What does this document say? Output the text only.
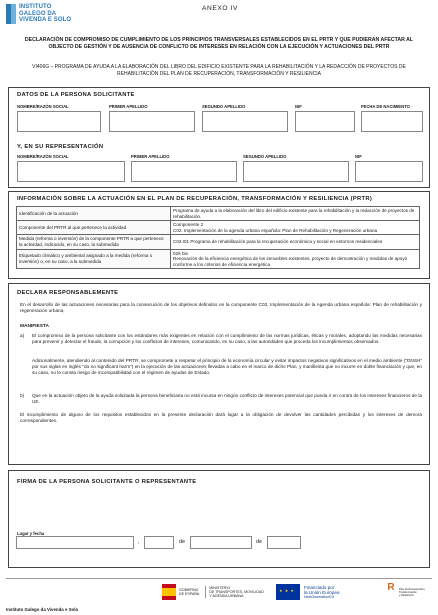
INSTITUTO
GALEGO DA
VIVENDA E SOLO
ANEXO IV
DECLARACIÓN DE COMPROMISO DE CUMPLIMIENTO DE LOS PRINCIPIOS TRANSVERSALES ESTABLECIDOS EN EL PRTR Y QUE PUDIERAN AFECTAR AL OBJECTO DE GESTIÓN Y DE AUSENCIA DE CONFLICTO DE INTERESES EN RELACIÓN CON LA EJECUCIÓN Y ACTUACIONES DEL PRTR
VI406G – PROGRAMA DE AYUDA A LA ELABORACIÓN DEL LIBRO DEL EDIFICIO EXISTENTE PARA LA REHABILITACIÓN Y LA REDACCIÓN DE PROYECTOS DE REHABILITACIÓN DEL PLAN DE RECUPERACIÓN, TRANSFORMACIÓN Y RESILIENCIA
DATOS DE LA PERSONA SOLICITANTE
NOMBRE/RAZÓN SOCIAL	PRIMER APELLIDO	SEGUNDO APELLIDO	NIF	FECHA DE NACIMIENTO
Y, EN SU REPRESENTACIÓN
NOMBRE/RAZÓN SOCIAL	PRIMER APELLIDO	SEGUNDO APELLIDO	NIF
INFORMACIÓN SOBRE LA ACTUACIÓN EN EL PLAN DE RECUPERACIÓN, TRANSFORMACIÓN Y RESILIENCIA (PRTR)
Identificación de la actuación	Programa de ayuda a la elaboración del libro del edificio existente para la rehabilitación y la redacción de proyectos de rehabilitación.
Componente del PRTR al que pertenece la actividad	Componente 2
C02. Implementación de la agenda urbana española: Plan de Rehabilitación y Regeneración urbana
Medida (reforma o inversión) de la componente PRTR a que pertenece la actividad, indicando, en su caso, la submedida	C02.I01 Programa de rehabilitación para la recuperación económica y social en entornos residenciales
Etiquetado climático y ambiental asignado a la medida (reforma o inversión) o, en su caso, a la submedida	025 bis
Renovación de la eficiencia energética de los inmuebles existentes, proyecto de demostración y medidas de apoyo conforme a los criterios de eficiencia energética
DECLARA RESPONSABLEMENTE
En el desarrollo de las actuaciones necesarias para la consecución de los objetivos definidos en la componente C02. Implementación de la Agenda urbana española: Plan de rehabilitación y regeneración urbana,
MANIFIESTA
a) El compromiso de la persona solicitante con los estándares más exigentes en relación con el cumplimiento de las normas jurídicas, éticas y morales, adoptando las medidas necesarias para prevenir y detectar el fraude, la corrupción y los conflictos de intereses, comunicando, en su caso, a las autoridades que proceda los incumplimientos observados.
Adicionalmente, atendiendo al contenido del PRTR, se compromete a respetar el principio de la economía circular y evitar impactos negativos significativos en el medio ambiente ("DNSH" por sus siglas en inglés "do no significant harm") en la ejecución de las actuaciones llevadas a cabo en el marco de dicho Plan, y manifiesta que no incurre en doble financiación y que, en su caso, no le consta riesgo de incompatibilidad con el régimen de ayudas de Estado.
b) Que en la actuación objeto de la ayuda solicitada la persona beneficiaria no está incursa en ningún conflicto de intereses potencial que pueda ir en contra de los intereses financieros de la UE.
El incumplimiento de alguno de los requisitos establecidos en la presente declaración dará lugar a la obligación de devolver las cantidades percibidas y los intereses de demora correspondientes.
FIRMA DE LA PERSONA SOLICITANTE O REPRESENTANTE
Lugar y fecha
,	de	de
GOBIERNO
DE ESPAÑA
MINISTERIO
DE TRANSPORTES, MOVILIDAD
Y AGENDA URBANA
★ ★ ★
Financiado por
la Unión Europea
NextGenerationEU
R Plan de Recuperación,
Transformación
y Resiliencia
Instituto Galego da Vivenda e Solo
